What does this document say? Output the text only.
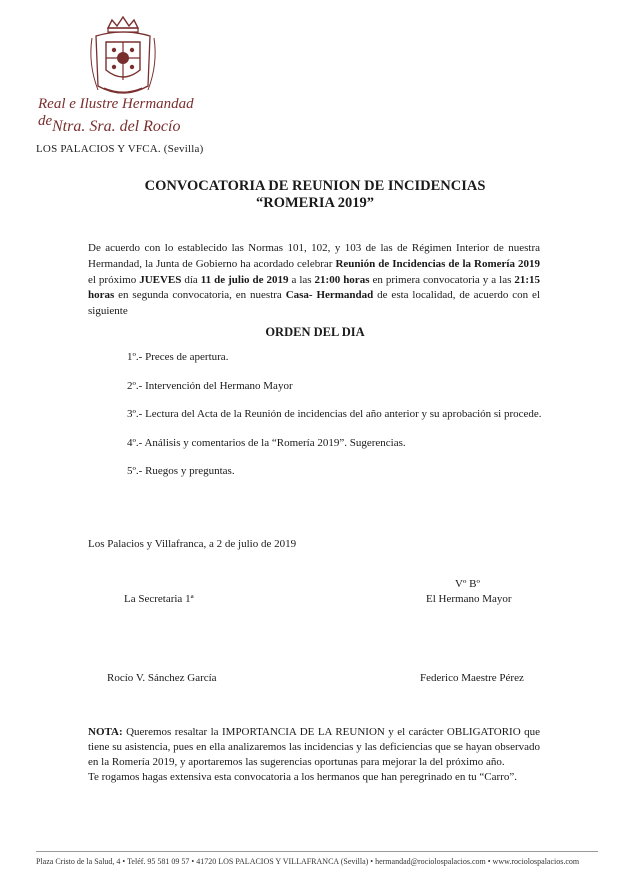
Real e Ilustre Hermandad de Ntra. Sra. del Rocío
LOS PALACIOS Y VFCA. (Sevilla)
CONVOCATORIA DE REUNION DE INCIDENCIAS
“ROMERIA 2019”
De acuerdo con lo establecido las Normas 101, 102, y 103 de las de Régimen Interior de nuestra Hermandad, la Junta de Gobierno ha acordado celebrar Reunión de Incidencias de la Romería 2019 el próximo JUEVES día 11 de julio de 2019 a las 21:00 horas en primera convocatoria y a las 21:15 horas en segunda convocatoria, en nuestra Casa- Hermandad de esta localidad, de acuerdo con el siguiente
ORDEN DEL DIA
1º.- Preces de apertura.
2º.- Intervención del Hermano Mayor
3º.- Lectura del Acta de la Reunión de incidencias del año anterior y su aprobación si procede.
4º.- Análisis y comentarios de la “Romería 2019”. Sugerencias.
5º.- Ruegos y preguntas.
Los Palacios y Villafranca, a 2 de julio de 2019
Vº Bº
La Secretaria 1ª	El Hermano Mayor
Rocío V. Sánchez García	Federico Maestre Pérez
NOTA: Queremos resaltar la IMPORTANCIA DE LA REUNION y el carácter OBLIGATORIO que tiene su asistencia, pues en ella analizaremos las incidencias y las deficiencias que se hayan observado en la Romería 2019, y aportaremos las sugerencias oportunas para mejorar la del próximo año.
Te rogamos hagas extensiva esta convocatoria a los hermanos que han peregrinado en tu “Carro”.
Plaza Cristo de la Salud, 4 • Teléf. 95 581 09 57 • 41720 LOS PALACIOS Y VILLAFRANCA (Sevilla) • hermandad@rociolospalacios.com • www.rociolospalacios.com
